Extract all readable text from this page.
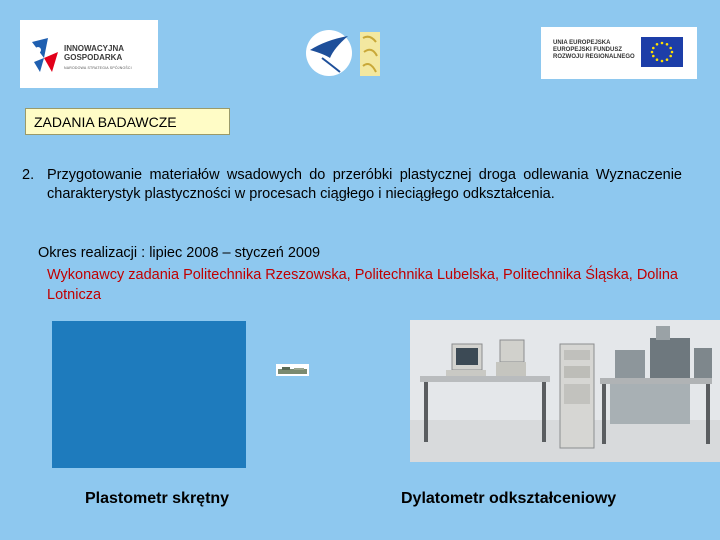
INNOWACYJNA
GOSPODARKA
NARODOWA STRATEGIA SPÓJNOŚCI
UNIA EUROPEJSKA
EUROPEJSKI FUNDUSZ
ROZWOJU REGIONALNEGO
ZADANIA BADAWCZE
2. Przygotowanie materiałów wsadowych do przeróbki plastycznej droga odlewania Wyznaczenie charakterystyk plastyczności w procesach ciągłego i nieciągłego odkształcenia.
Okres realizacji : lipiec 2008 – styczeń 2009
Wykonawcy zadania Politechnika Rzeszowska, Politechnika Lubelska, Politechnika Śląska, Dolina Lotnicza
Plastometr skrętny	Dylatometr odkształceniowy
